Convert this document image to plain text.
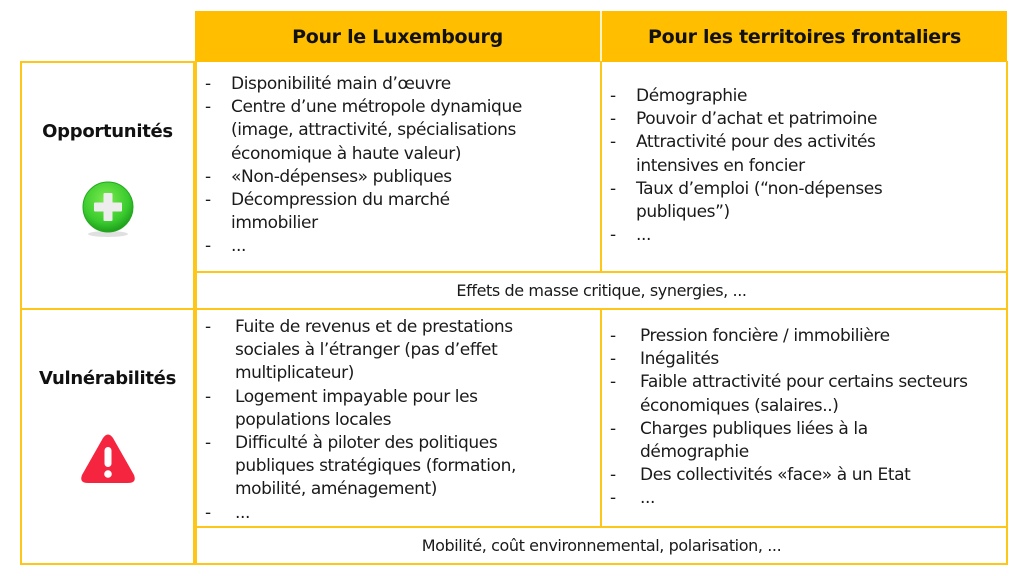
Pour le Luxembourg	Pour les territoires frontaliers
Opportunités
- Disponibilité main d’œuvre
- Centre d’une métropole dynamique (image, attractivité, spécialisations économique à haute valeur)
- «Non-dépenses» publiques
- Décompression du marché immobilier
- ...
- Démographie
- Pouvoir d’achat et patrimoine
- Attractivité pour des activités intensives en foncier
- Taux d’emploi (“non-dépenses publiques”)
- ...
Effets de masse critique, synergies, ...
Vulnérabilités
- Fuite de revenus et de prestations sociales à l’étranger (pas d’effet multiplicateur)
- Logement impayable pour les populations locales
- Difficulté à piloter des politiques publiques stratégiques (formation, mobilité, aménagement)
- ...
- Pression foncière / immobilière
- Inégalités
- Faible attractivité pour certains secteurs économiques (salaires..)
- Charges publiques liées à la démographie
- Des collectivités «face» à un Etat
- ...
Mobilité, coût environnemental, polarisation, ...
